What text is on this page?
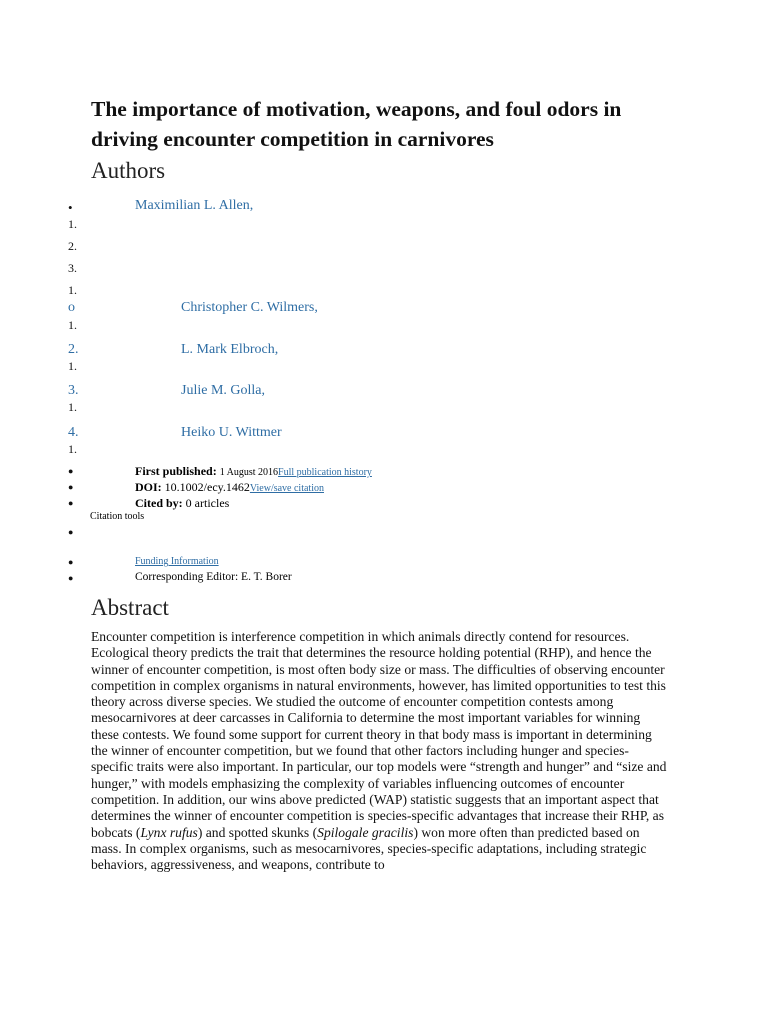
The importance of motivation, weapons, and foul odors in driving encounter competition in carnivores
Authors
•	Maximilian L. Allen,
1.
2.
3.
1.
o	Christopher C. Wilmers,
1.
2.	L. Mark Elbroch,
1.
3.	Julie M. Golla,
1.
4.	Heiko U. Wittmer
1.
●	First published: 1 August 2016Full publication history
●	DOI: 10.1002/ecy.1462View/save citation
●	Cited by: 0 articles
Citation tools
●
●	Funding Information
●	Corresponding Editor: E. T. Borer
Abstract

Encounter competition is interference competition in which animals directly contend for resources. Ecological theory predicts the trait that determines the resource holding potential (RHP), and hence the winner of encounter competition, is most often body size or mass. The difficulties of observing encounter competition in complex organisms in natural environments, however, has limited opportunities to test this theory across diverse species. We studied the outcome of encounter competition contests among mesocarnivores at deer carcasses in California to determine the most important variables for winning these contests. We found some support for current theory in that body mass is important in determining the winner of encounter competition, but we found that other factors including hunger and species-specific traits were also important. In particular, our top models were “strength and hunger” and “size and hunger,” with models emphasizing the complexity of variables influencing outcomes of encounter competition. In addition, our wins above predicted (WAP) statistic suggests that an important aspect that determines the winner of encounter competition is species-specific advantages that increase their RHP, as bobcats (Lynx rufus) and spotted skunks (Spilogale gracilis) won more often than predicted based on mass. In complex organisms, such as mesocarnivores, species-specific adaptations, including strategic behaviors, aggressiveness, and weapons, contribute to
